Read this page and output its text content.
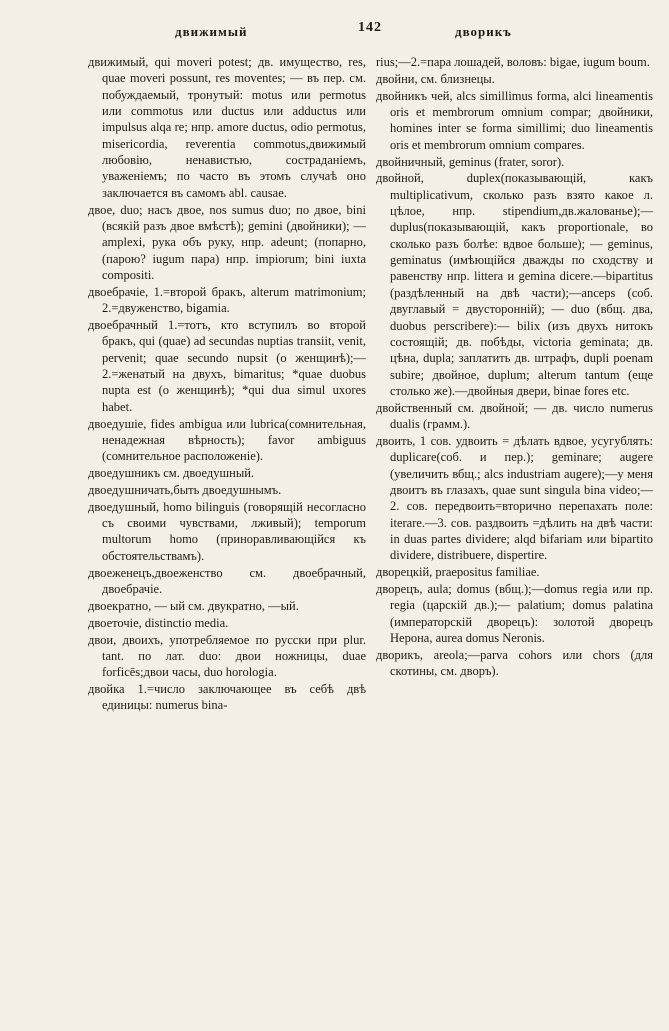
движимый	142	дворикъ

движимый, qui moveri potest; дв. имущество, res, quae moveri possunt, res moventes; — въ пер. см. побуждаемый, тронутый: motus или permotus или commotus или ductus или adductus или impulsus alqa re; нпр. amore ductus, odio permotus, misericordia, reverentia commotus,движимый любовію, ненавистью, состраданіемъ, уваженіемъ; по часто въ этомъ случаѣ оно заключается въ самомъ abl. causae.

двое, duo; насъ двое, nos sumus duo; по двое, bini (всякій разъ двое вмѣстѣ); gemini (двойники); —amplexi, рука объ руку, нпр. adeunt; (попарно, (парою? iugum пара) нпр. impiorum; bini iuxta compositi.

двоебрачіе, 1.=второй бракъ, alterum matrimonium; 2.=двуженство, bigamia.

двоебрачный 1.=тотъ, кто вступилъ во второй бракъ, qui (quae) ad secundas nuptias transiit, venit, pervenit; quae secundo nupsit (о женщинѣ);—2.=женатый на двухъ, bimaritus; *quae duobus nupta est (о женщинѣ); *qui dua simul uxores habet.

двоедушіе, fides ambigua или lubrica(сомнительная, ненадежная вѣрность); favor ambiguus (сомнительное расположеніе).

двоедушникъ см. двоедушный.

двоедушничать,быть двоедушнымъ.

двоедушный, homo bilinguis (говорящій несогласно съ своими чувствами, лживый); temporum multorum homo (приноравливающійся къ обстоятельствамъ).

двоеженецъ,двоеженство см. двоебрачный, двоебрачіе.

двоекратно, — ый см. двукратно, —ый.

двоеточіе, distinctio media.

двои, двоихъ, употребляемое по русски при plur. tant. по лат. duo: двои ножницы, duae forficēs;двои часы, duo horologia.

двойка 1.=число заключающее въ себѣ двѣ единицы: numerus bina-

rius;—2.=пара лошадей, воловъ: bigae, iugum boum.

двойни, см. близнецы.

двойникъ чей, alcs simillimus forma, alci lineamentis oris et membrorum omnium compar; двойники, homines inter se forma simillimi; duo lineamentis oris et membrorum omnium compares.

двойничный, geminus (frater, soror).

двойной, duplex(показывающій, какъ multiplicativum, сколько разъ взято какое л. цѣлое, нпр. stipendium,дв.жалованье);—duplus(показывающій, какъ proportionale, во сколько разъ болѣе: вдвое больше); — geminus, geminatus (имѣющійся дважды по сходству и равенству нпр. littera и gemina dicere.—bipartitus (раздѣленный на двѣ части);—anceps (соб. двуглавый = двусторонній); — duo (вбщ. два, duobus perscribere):— bilix (изъ двухъ нитокъ состоящій; дв. побѣды, victoria geminata; дв. цѣна, dupla; заплатить дв. штрафъ, dupli poenam subire; двойное, duplum; alterum tantum (еще столько же).—двойныя двери, binae fores etc.

двойственный см. двойной; — дв. число numerus dualis (грамм.).

двоить, 1 сов. удвоить = дѣлать вдвое, усугублять: duplicare(соб. и пер.); geminare; augere (увеличить вбщ.; alcs industriam augere);—у меня двоитъ въ глазахъ, quae sunt singula bina video;—2. сов. передвоить=вторично перепахать поле: iterare.—3. сов. раздвоить =дѣлить на двѣ части: in duas partes dividere; alqd bifariam или bipartito dividere, distribuere, dispertire.

дворецкій, praepositus familiae.

дворецъ, aula; domus (вбщ.);—domus regia или пр. regia (царскій дв.);— palatium; domus palatina (императорскій дворецъ): золотой дворецъ Нерона, aurea domus Neronis.

дворикъ, areola;—parva cohors или chors (для скотины, см. дворъ).
